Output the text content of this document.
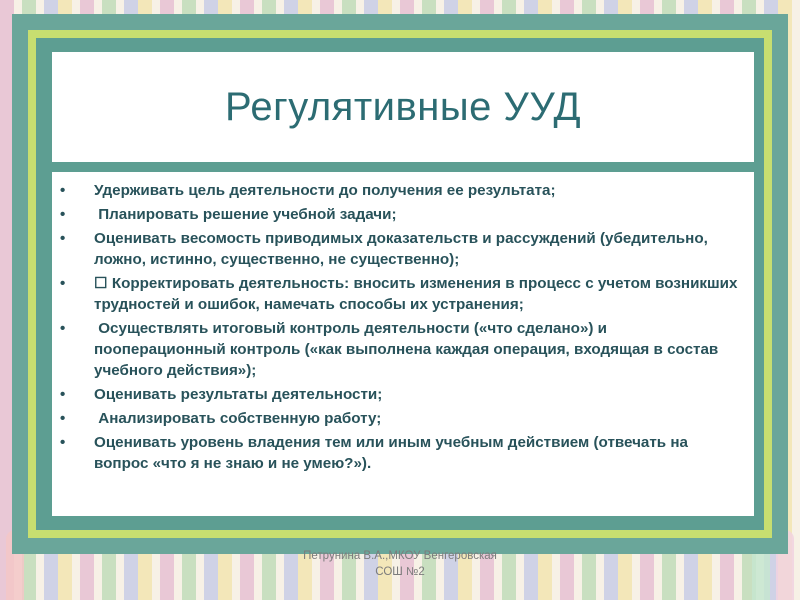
Регулятивные УУД
• Удерживать цель деятельности до получения ее результата;
• Планировать решение учебной задачи;
• Оценивать весомость приводимых доказательств и рассуждений (убедительно, ложно, истинно, существенно, не существенно);
• ☐ Корректировать деятельность: вносить изменения в процесс с учетом возникших трудностей и ошибок, намечать способы их устранения;
• Осуществлять итоговый контроль деятельности («что сделано») и пооперационный контроль («как выполнена каждая операция, входящая в состав учебного действия»);
• Оценивать результаты деятельности;
• Анализировать собственную работу;
• Оценивать уровень владения тем или иным учебным действием (отвечать на вопрос «что я не знаю и не умею?»).
Петрунина В.А.,МКОУ Венгеровская
СОШ №2
